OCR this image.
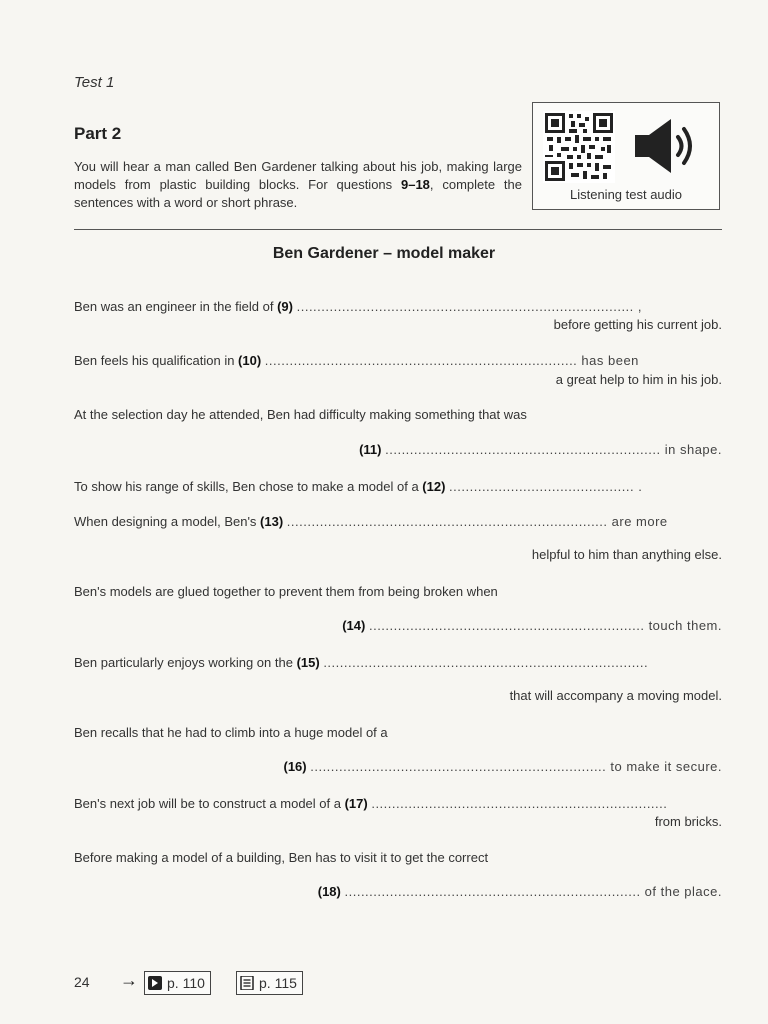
Test 1
Part 2
You will hear a man called Ben Gardener talking about his job, making large models from plastic building blocks. For questions 9–18, complete the sentences with a word or short phrase.
Listening test audio
Ben Gardener – model maker
Ben was an engineer in the field of (9) .................................................................................. ,
before getting his current job.
Ben feels his qualification in (10) ............................................................................ has been
a great help to him in his job.
At the selection day he attended, Ben had difficulty making something that was
(11) ................................................................... in shape.
To show his range of skills, Ben chose to make a model of a (12) ............................................. .
When designing a model, Ben's (13) .............................................................................. are more
helpful to him than anything else.
Ben's models are glued together to prevent them from being broken when
(14) ................................................................... touch them.
Ben particularly enjoys working on the (15) ...............................................................................
that will accompany a moving model.
Ben recalls that he had to climb into a huge model of a
(16) ........................................................................ to make it secure.
Ben's next job will be to construct a model of a (17) ........................................................................
from bricks.
Before making a model of a building, Ben has to visit it to get the correct
(18) ........................................................................ of the place.
24 → p. 110	p. 115
